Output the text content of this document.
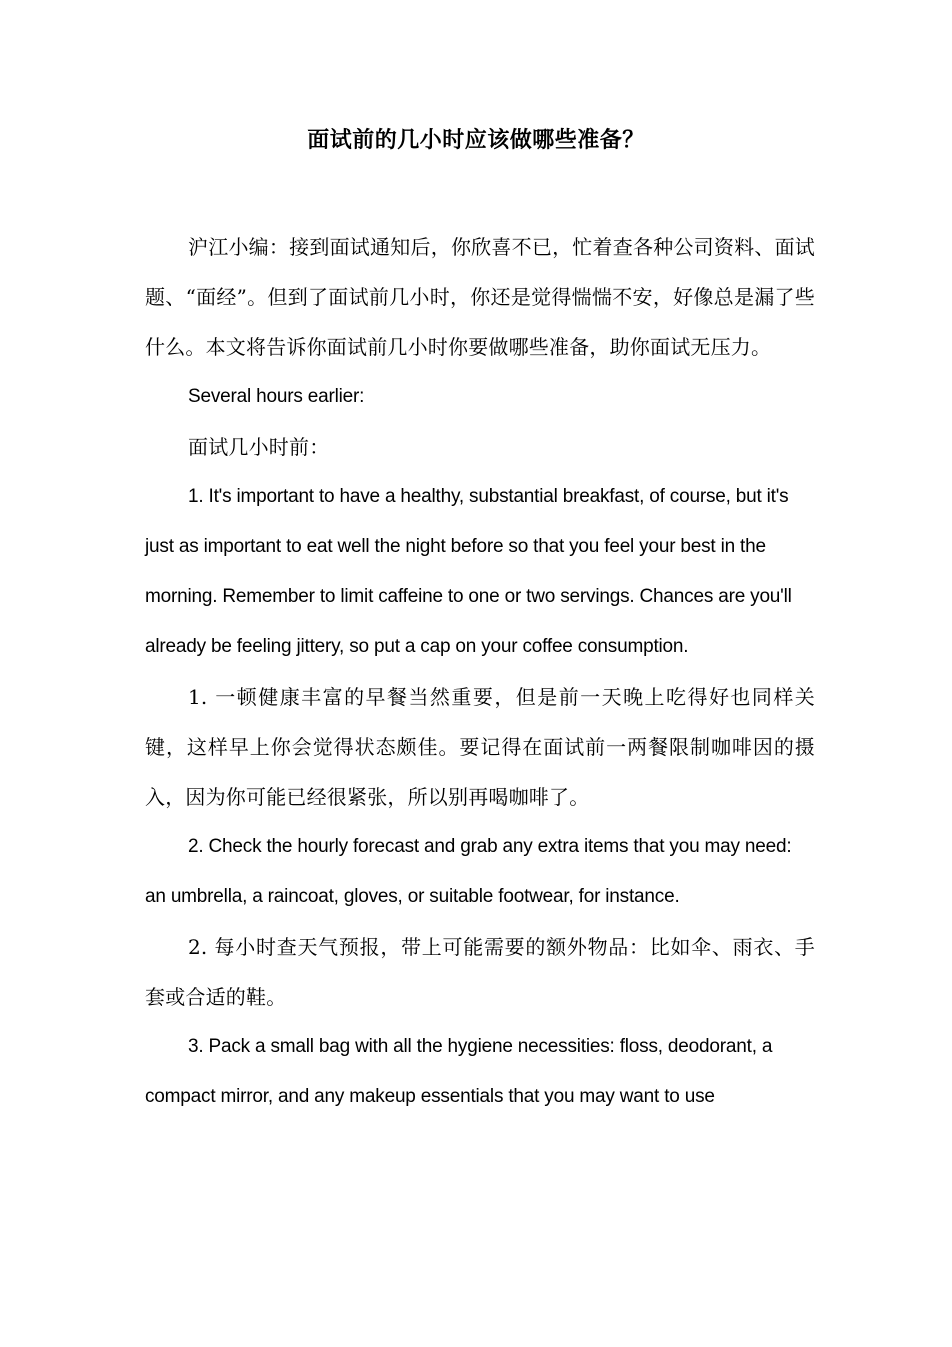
面试前的几小时应该做哪些准备？

沪江小编：接到面试通知后，你欣喜不已，忙着查各种公司资料、面试题、“面经”。但到了面试前几小时，你还是觉得惴惴不安，好像总是漏了些什么。本文将告诉你面试前几小时你要做哪些准备，助你面试无压力。

Several hours earlier:

面试几小时前：

1. It's important to have a healthy, substantial breakfast, of course, but it's just as important to eat well the night before so that you feel your best in the morning. Remember to limit caffeine to one or two servings. Chances are you'll already be feeling jittery, so put a cap on your coffee consumption.

1. 一顿健康丰富的早餐当然重要，但是前一天晚上吃得好也同样关键，这样早上你会觉得状态颇佳。要记得在面试前一两餐限制咖啡因的摄入，因为你可能已经很紧张，所以别再喝咖啡了。

2. Check the hourly forecast and grab any extra items that you may need: an umbrella, a raincoat, gloves, or suitable footwear, for instance.

2. 每小时查天气预报，带上可能需要的额外物品：比如伞、雨衣、手套或合适的鞋。

3. Pack a small bag with all the hygiene necessities: floss, deodorant, a compact mirror, and any makeup essentials that you may want to use
